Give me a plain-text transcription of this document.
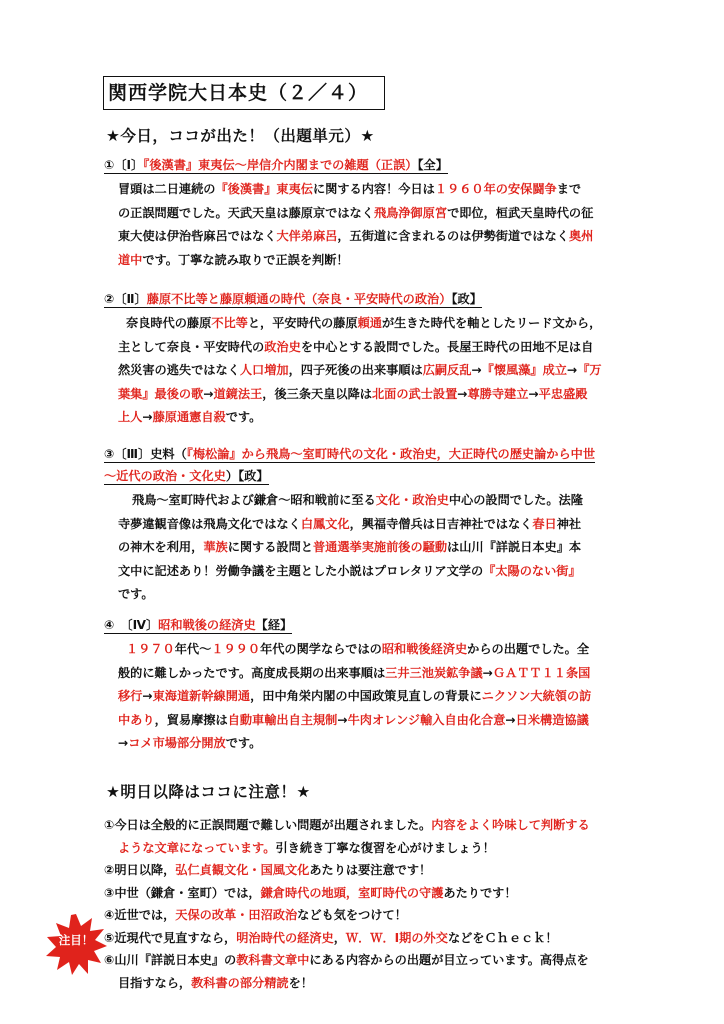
関西学院大日本史（２／４）
★今日，ココが出た！（出題単元）★
①〔Ⅰ〕『後漢書』東夷伝～岸信介内閣までの雑題（正誤）【全】
冒頭は二日連続の『後漢書』東夷伝に関する内容！今日は１９６０年の安保闘争まで
の正誤問題でした。天武天皇は藤原京ではなく飛鳥浄御原宮で即位，桓武天皇時代の征
東大使は伊治呰麻呂ではなく大伴弟麻呂，五街道に含まれるのは伊勢街道ではなく奥州
道中です。丁寧な読み取りで正誤を判断！
②〔Ⅱ〕藤原不比等と藤原頼通の時代（奈良・平安時代の政治）【政】
奈良時代の藤原不比等と，平安時代の藤原頼通が生きた時代を軸としたリード文から，
主として奈良・平安時代の政治史を中心とする設問でした。長屋王時代の田地不足は自
然災害の逃失ではなく人口増加，四子死後の出来事順は広嗣反乱→『懐風藻』成立→『万
葉集』最後の歌→道鏡法王，後三条天皇以降は北面の武士設置→尊勝寺建立→平忠盛殿
上人→藤原通憲自殺です。
③〔Ⅲ〕史料（『梅松論』から飛鳥～室町時代の文化・政治史，大正時代の歴史論から中世
～近代の政治・文化史）【政】
飛鳥～室町時代および鎌倉～昭和戦前に至る文化・政治史中心の設問でした。法隆
寺夢違観音像は飛鳥文化ではなく白鳳文化，興福寺僧兵は日吉神社ではなく春日神社
の神木を利用，華族に関する設問と普通選挙実施前後の騒動は山川『詳説日本史』本
文中に記述あり！労働争議を主題とした小説はプロレタリア文学の『太陽のない街』
です。
④　〔Ⅳ〕昭和戦後の経済史【経】
１９７０年代～１９９０年代の関学ならではの昭和戦後経済史からの出題でした。全
般的に難しかったです。高度成長期の出来事順は三井三池炭鉱争議→ＧＡＴＴ１１条国
移行→東海道新幹線開通，田中角栄内閣の中国政策見直しの背景にニクソン大統領の訪
中あり，貿易摩擦は自動車輸出自主規制→牛肉オレンジ輸入自由化合意→日米構造協議
→コメ市場部分開放です。
★明日以降はココに注意！★
①今日は全般的に正誤問題で難しい問題が出題されました。内容をよく吟味して判断する
ような文章になっています。引き続き丁寧な復習を心がけましょう！
②明日以降，弘仁貞観文化・国風文化あたりは要注意です！
③中世（鎌倉・室町）では，鎌倉時代の地頭，室町時代の守護あたりです！
④近世では，天保の改革・田沼政治なども気をつけて！
⑤近現代で見直すなら，明治時代の経済史，Ｗ．Ｗ．Ⅰ期の外交などをＣｈｅｃｋ！
⑥山川『詳説日本史』の教科書文章中にある内容からの出題が目立っています。高得点を
目指すなら，教科書の部分精読を！
注目！
